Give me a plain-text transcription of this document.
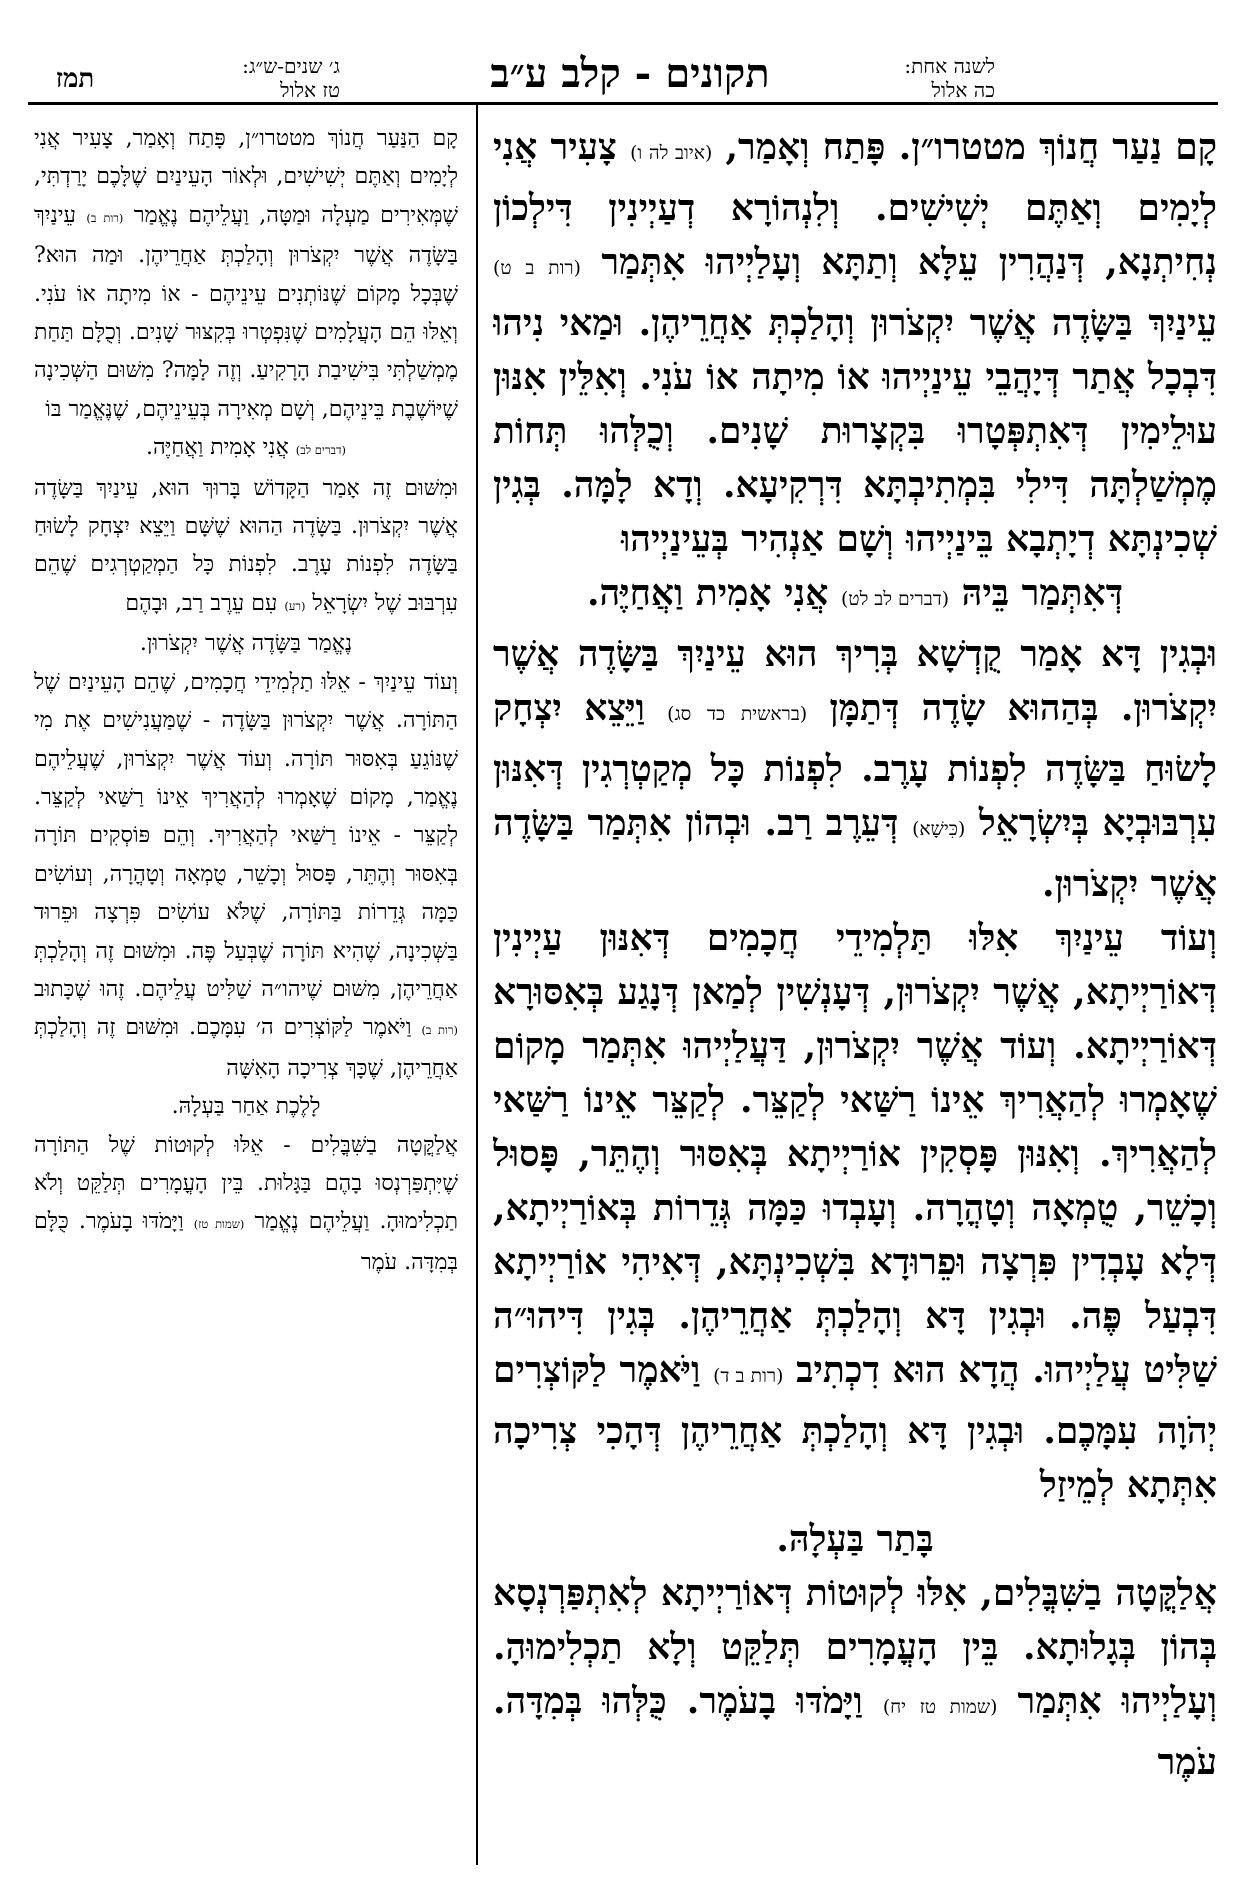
לשנה אחת:
כה אלול
תקונים - קלב ע״ב
ג׳ שנים-ש״ג:
טז אלול
תמז

קָם נַעַר חֲנוֹךְ מטטרו״ן. פָּתַח וְאָמַר, (איוב לה ו) צָעִיר אֲנִי לְיָמִים וְאַתֶּם יְשִׁישִׁים. וְלִנְהוֹרָא דְעַיְינִין דִּילְכוֹן נְחִיתְנָא, דְּנַהֲרִין עֵלָּא וְתַתָּא וְעָלַיְיהוּ אִתְּמַר (רות ב ט) עֵינַיִךְ בַּשָּׂדֶה אֲשֶׁר יִקְצֹרוּן וְהָלַכְתְּ אַחֲרֵיהֶן. וּמַאי נִיהוּ דִּבְכָל אֲתַר דְּיָהֲבֵי עֵינַיְיהוּ אוֹ מִיתָה אוֹ עֹנִי. וְאִלֵּין אִנּוּן עוּלֵימִין דְּאִתְפְּטָרוּ בִּקְצָרוּת שָׁנִים. וְכֻלְּהוּ תְּחוֹת מֶמְשַׁלְתָּה דִּילִי בִּמְתִיבְתָּא דִּרְקִיעָא. וְדָא לָמָּה. בְּגִין שְׁכִינְתָּא דְיָתְבָא בֵּינַיְיהוּ וְשָׁם אַנְהִיר בְּעֵינַיְיהוּ

דְּאִתְּמַר בֵּיהּ (דברים לב לט) אֲנִי אָמִית וַאֲחַיֶּה.

וּבְגִין דָּא אָמַר קֻדְשָׁא בְּרִיךְ הוּא עֵינַיִךְ בַּשָּׂדֶה אֲשֶׁר יִקְצֹרוּן. בְּהַהוּא שָׂדֶה דְּתַמָּן (בראשית כד סג) וַיֵּצֵא יִצְחָק לָשׂוּחַ בַּשָּׂדֶה לִפְנוֹת עָרֶב. לִפְנוֹת כָּל מְקַטְרְגִין דְּאִנּוּן עִרְבּוּבְיָא בְּיִשְׂרָאֵל (כִּישָׁא) דְּעֵרֶב רַב. וּבְהוֹן אִתְּמַר בַּשָּׂדֶה אֲשֶׁר יִקְצֹרוּן.

וְעוֹד עֵינַיִךְ אִלּוּ תַּלְמִידֵי חֲכָמִים דְּאִנּוּן עַיְינִין דְּאוֹרַיְיתָא, אֲשֶׁר יִקְצֹרוּן, דְּעָנְשִׁין לְמַאן דְּנָגַע בְּאִסּוּרָא דְּאוֹרַיְיתָא. וְעוֹד אֲשֶׁר יִקְצֹרוּן, דַּעֲלַיְיהוּ אִתְּמַר מָקוֹם שֶׁאָמְרוּ לְהַאֲרִיךְ אֵינוֹ רַשַּׁאי לְקַצֵּר. לְקַצֵּר אֵינוֹ רַשַּׁאי לְהַאֲרִיךְ. וְאִנּוּן פָּסְקִין אוֹרַיְיתָא בְּאִסּוּר וְהֶתֵּר, פָּסוּל וְכָשֵׁר, טֻמְאָה וְטָהֳרָה. וְעָבְדוּ כַּמָּה גְּדֵרוֹת בְּאוֹרַיְיתָא, דְּלָא עָבְדִין פִּרְצָה וּפֵרוּדָא בִּשְׁכִינְתָּא, דְּאִיהִי אוֹרַיְיתָא דִּבְעַל פֶּה. וּבְגִין דָּא וְהָלַכְתְּ אַחֲרֵיהֶן. בְּגִין דִּיהוּ״ה שַׁלִּיט עֲלַיְיהוּ. הֲדָא הוּא דִכְתִיב (רות ב ד) וַיֹּאמֶר לַקּוֹצְרִים יְהֹוָה עִמָּכֶם. וּבְגִין דָּא וְהָלַכְתְּ אַחֲרֵיהֶן דְּהָכִי צְרִיכָה אִתְּתָא לְמֵיזַל

בָּתַר בַּעְלָהּ.

אֲלַקֳּטָה בַשִּׁבֳּלִים, אִלּוּ לְקוּטוֹת דְּאוֹרַיְיתָא לְאִתְפַּרְנְסָא בְּהוֹן בְּגָלוּתָא. בֵּין הָעֳמָרִים תְּלַקֵּט וְלָא תַכְלִימוּהָ. וְעָלַיְיהוּ אִתְּמַר (שמות טז יח) וַיָּמֹדּוּ בָעֹמֶר. כֻּלְּהוּ בְּמִדָּה. עֹמֶר

קָם הַנַּעַר חֲנוֹךְ מטטרו״ן, פָּתַח וְאָמַר, צָעִיר אֲנִי לְיָמִים וְאַתֶּם יְשִׁישִׁים, וּלְאוֹר הָעֵינַיִם שֶׁלָּכֶם יָרַדְתִּי, שֶׁמְּאִירִים מַעְלָה וּמַטָּה, וַעֲלֵיהֶם נֶאֱמַר (רות ב) עֵינַיִךְ בַּשָּׂדֶה אֲשֶׁר יִקְצֹרוּן וְהָלַכְתְּ אַחֲרֵיהֶן. וּמַה הוּא? שֶׁבְּכָל מָקוֹם שֶׁנּוֹתְנִים עֵינֵיהֶם - אוֹ מִיתָה אוֹ עֹנִי. וְאֵלּוּ הֵם הָעֲלָמִים שֶׁנִּפְטְרוּ בְּקִצּוּר שָׁנִים. וְכֻלָּם תַּחַת מֶמְשַׁלְתִּי בִּישִׁיבַת הָרָקִיעַ. וְזֶה לָמָּה? מִשּׁוּם הַשְּׁכִינָה שֶׁיּוֹשֶׁבֶת בֵּינֵיהֶם, וְשָׁם מְאִירָה בְּעֵינֵיהֶם, שֶׁנֶּאֱמַר בּוֹ

(דברים לב) אֲנִי אָמִית וַאֲחַיֶּה.

וּמִשּׁוּם זֶה אָמַר הַקָּדוֹשׁ בָּרוּךְ הוּא, עֵינַיִךְ בַּשָּׂדֶה אֲשֶׁר יִקְצֹרוּן. בַּשָּׂדֶה הַהוּא שֶׁשָּׁם וַיֵּצֵא יִצְחָק לָשׂוּחַ בַּשָּׂדֶה לִפְנוֹת עָרֶב. לִפְנוֹת כָּל הַמְקַטְרְגִים שֶׁהֵם עִרְבּוּב שֶׁל יִשְׂרָאֵל (רע) עִם עֵרֶב רַב, וּבָהֶם

נֶאֱמַר בַּשָּׂדֶה אֲשֶׁר יִקְצֹרוּן.

וְעוֹד עֵינַיִךְ - אֵלּוּ תַלְמִידֵי חֲכָמִים, שֶׁהֵם הָעֵינַיִם שֶׁל הַתּוֹרָה. אֲשֶׁר יִקְצֹרוּן בַּשָּׂדֶה - שֶׁמַּעֲנִישִׁים אֶת מִי שֶׁנּוֹגֵעַ בְּאִסּוּר תּוֹרָה. וְעוֹד אֲשֶׁר יִקְצֹרוּן, שֶׁעֲלֵיהֶם נֶאֱמַר, מָקוֹם שֶׁאָמְרוּ לְהַאֲרִיךְ אֵינוֹ רַשַּׁאי לְקַצֵּר. לְקַצֵּר - אֵינוֹ רַשַּׁאי לְהַאֲרִיךְ. וְהֵם פּוֹסְקִים תּוֹרָה בְּאִסּוּר וְהֶתֵּר, פָּסוּל וְכָשֵׁר, טֻמְאָה וְטָהֳרָה, וְעוֹשִׂים כַּמָּה גְּדֵרוֹת בַּתּוֹרָה, שֶׁלֹּא עוֹשִׂים פִּרְצָה וּפֵרוּד בַּשְּׁכִינָה, שֶׁהִיא תּוֹרָה שֶׁבְּעַל פֶּה. וּמִשּׁוּם זֶה וְהָלַכְתְּ אַחֲרֵיהֶן, מִשּׁוּם שֶׁיהו״ה שַׁלִּיט עֲלֵיהֶם. זֶהוּ שֶׁכָּתוּב (רות ב) וַיֹּאמֶר לַקּוֹצְרִים ה׳ עִמָּכֶם. וּמִשּׁוּם זֶה וְהָלַכְתְּ אַחֲרֵיהֶן, שֶׁכָּךְ צְרִיכָה הָאִשָּׁה

לָלֶכֶת אַחַר בַּעְלָהּ.

אֲלַקֳּטָה בַשִּׁבֳּלִים - אֵלּוּ לְקוּטוֹת שֶׁל הַתּוֹרָה שֶׁיִּתְפַּרְנְסוּ בָהֶם בַּגָּלוּת. בֵּין הָעֳמָרִים תְּלַקֵּט וְלֹא תַכְלִימוּהָ. וַעֲלֵיהֶם נֶאֱמַר (שמות טז) וַיָּמֹדּוּ בָעֹמֶר. כֻּלָּם בְּמִדָּה. עֹמֶר
